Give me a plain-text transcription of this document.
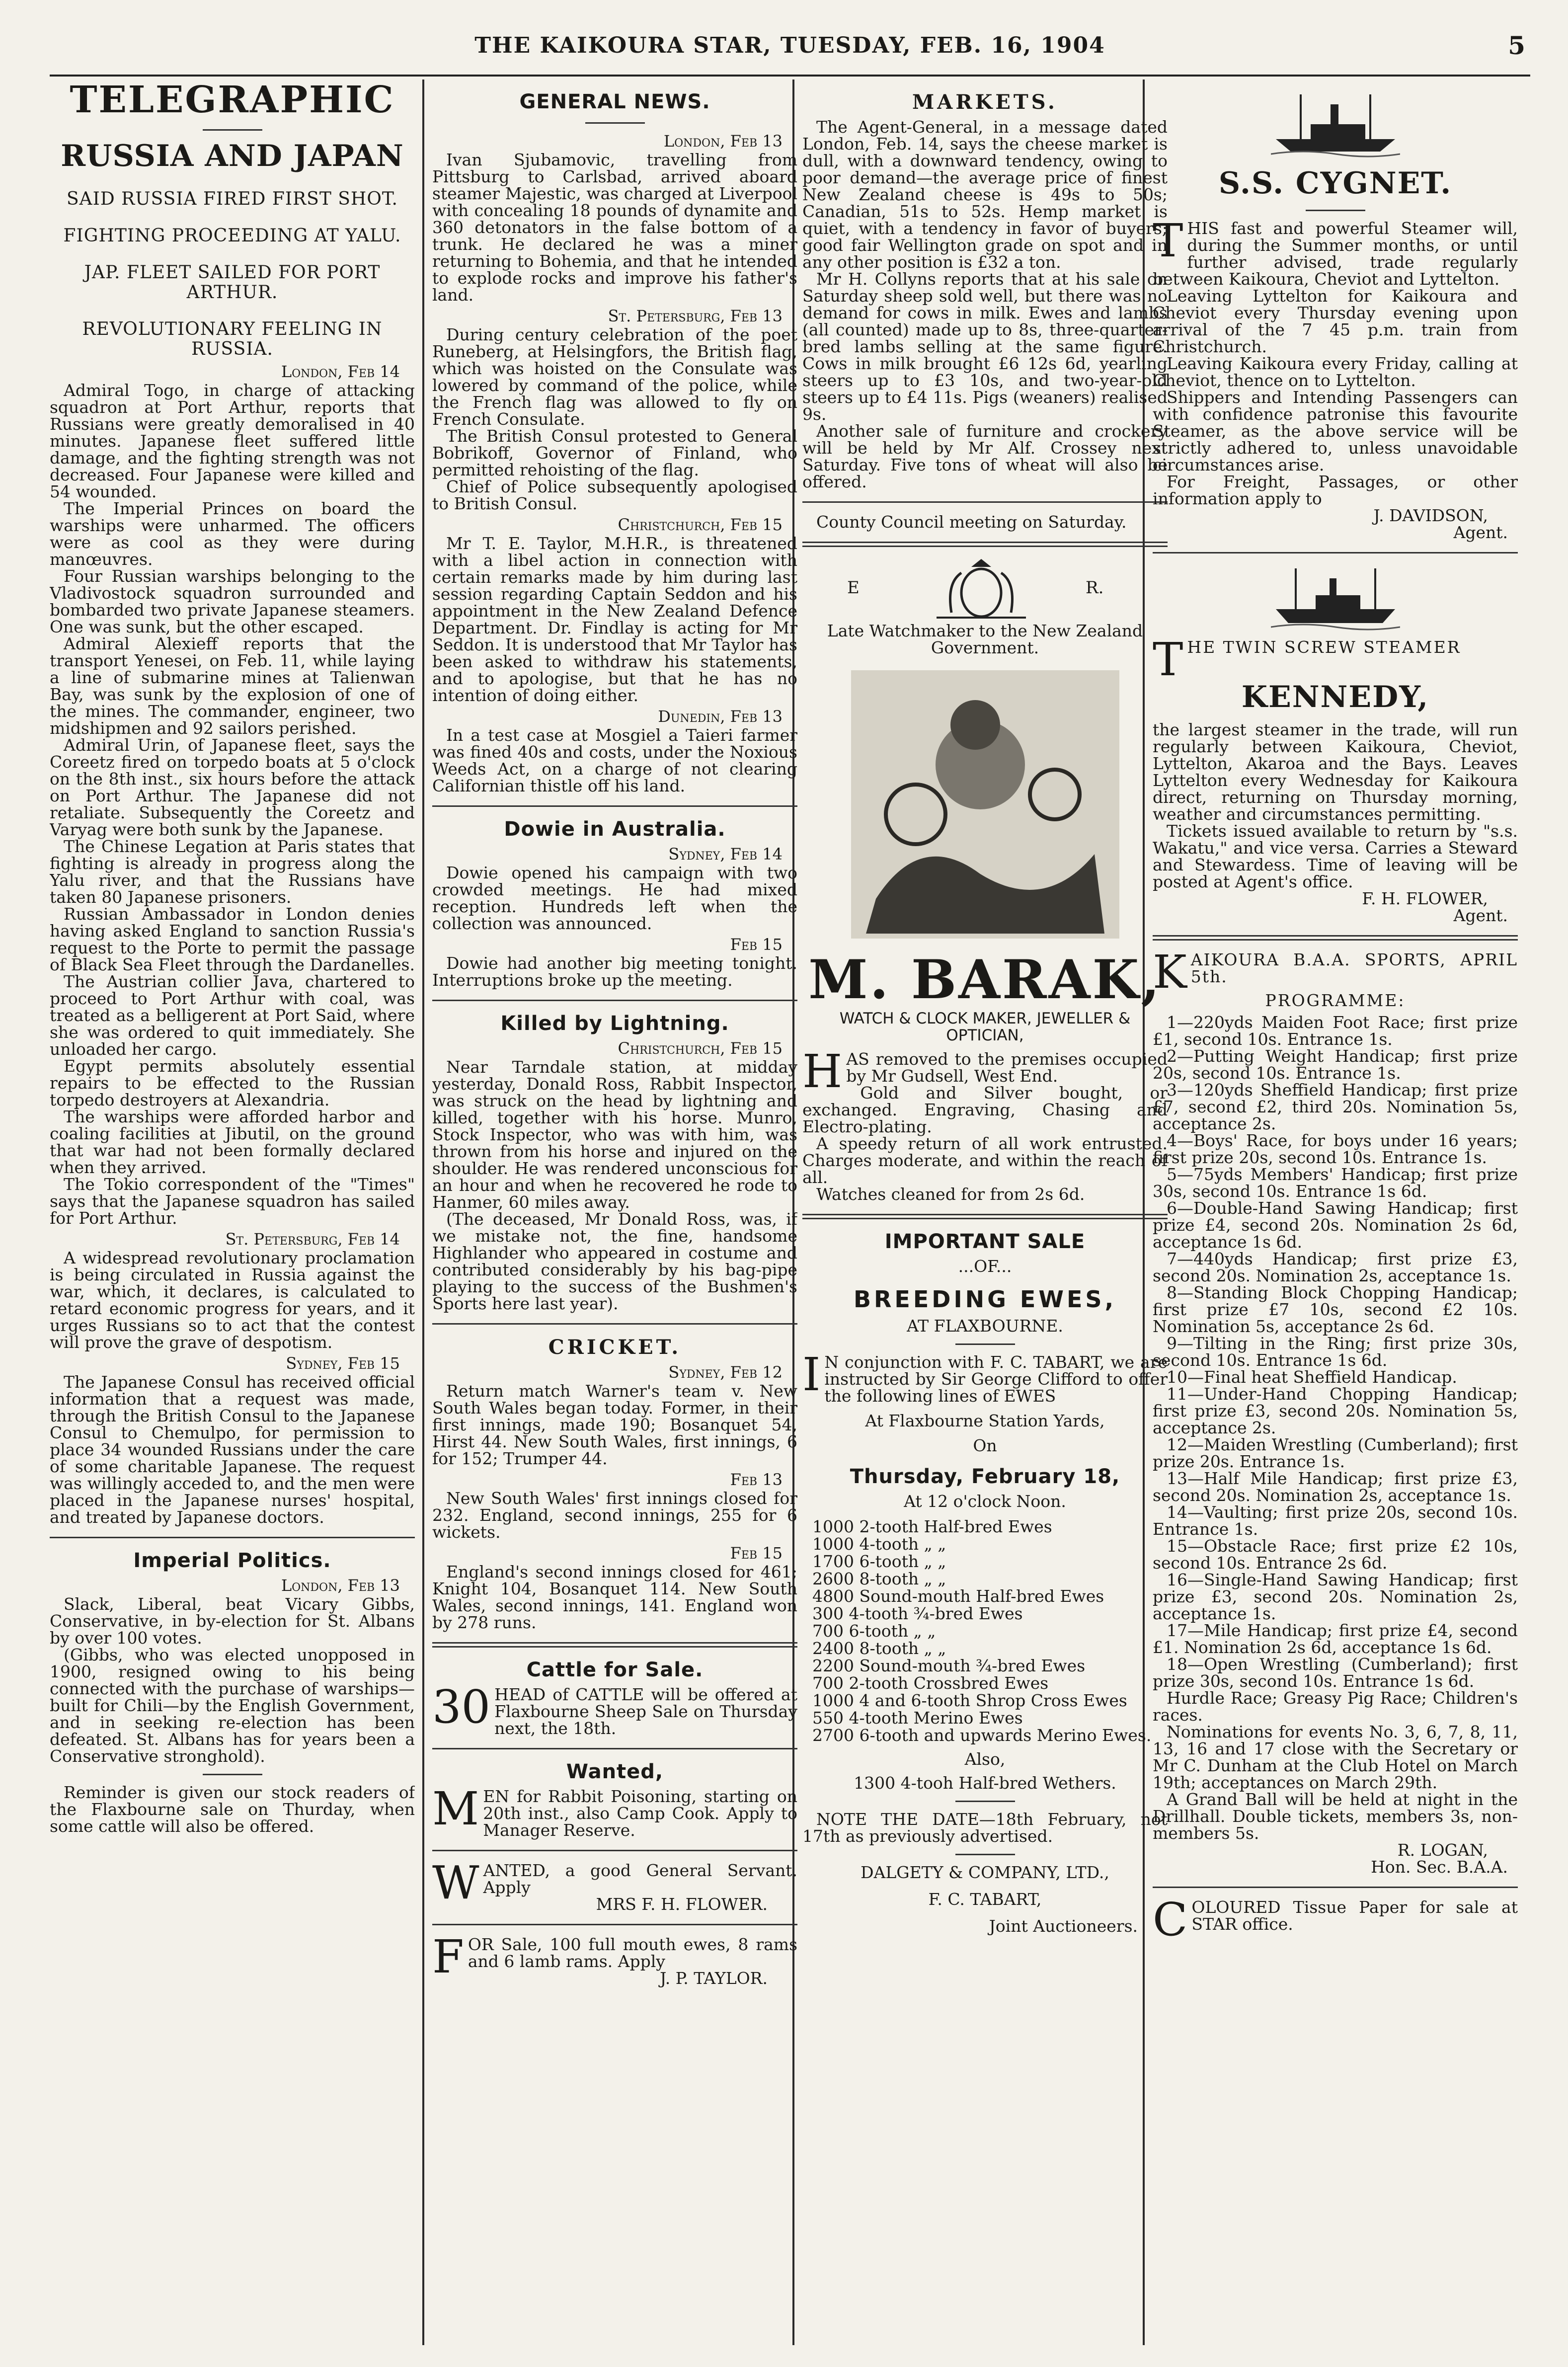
THE KAIKOURA STAR, TUESDAY, FEB. 16, 1904	5
TELEGRAPHIC
RUSSIA AND JAPAN
SAID RUSSIA FIRED FIRST SHOT.
FIGHTING PROCEEDING AT YALU.
JAP. FLEET SAILED FOR PORT ARTHUR.
REVOLUTIONARY FEELING IN RUSSIA.
London, Feb 14

Admiral Togo, in charge of attacking squadron at Port Arthur, reports that Russians were greatly demoralised in 40 minutes. Japanese fleet suffered little damage, and the fighting strength was not decreased. Four Japanese were killed and 54 wounded.

The Imperial Princes on board the warships were unharmed. The officers were as cool as they were during manœuvres.

Four Russian warships belonging to the Vladivostock squadron surrounded and bombarded two private Japanese steamers. One was sunk, but the other escaped.

Admiral Alexieff reports that the transport Yenesei, on Feb. 11, while laying a line of submarine mines at Talienwan Bay, was sunk by the explosion of one of the mines. The commander, engineer, two midshipmen and 92 sailors perished.

Admiral Urin, of Japanese fleet, says the Coreetz fired on torpedo boats at 5 o'clock on the 8th inst., six hours before the attack on Port Arthur. The Japanese did not retaliate. Subsequently the Coreetz and Varyag were both sunk by the Japanese.

The Chinese Legation at Paris states that fighting is already in progress along the Yalu river, and that the Russians have taken 80 Japanese prisoners.

Russian Ambassador in London denies having asked England to sanction Russia's request to the Porte to permit the passage of Black Sea Fleet through the Dardanelles.

The Austrian collier Java, chartered to proceed to Port Arthur with coal, was treated as a belligerent at Port Said, where she was ordered to quit immediately. She unloaded her cargo.

Egypt permits absolutely essential repairs to be effected to the Russian torpedo destroyers at Alexandria.

The warships were afforded harbor and coaling facilities at Jibutil, on the ground that war had not been formally declared when they arrived.

The Tokio correspondent of the "Times" says that the Japanese squadron has sailed for Port Arthur.

St. Petersburg, Feb 14

A widespread revolutionary proclamation is being circulated in Russia against the war, which, it declares, is calculated to retard economic progress for years, and it urges Russians so to act that the contest will prove the grave of despotism.

Sydney, Feb 15

The Japanese Consul has received official information that a request was made, through the British Consul to the Japanese Consul to Chemulpo, for permission to place 34 wounded Russians under the care of some charitable Japanese. The request was willingly acceded to, and the men were placed in the Japanese nurses' hospital, and treated by Japanese doctors.

Imperial Politics.
London, Feb 13

Slack, Liberal, beat Vicary Gibbs, Conservative, in by-election for St. Albans by over 100 votes.

(Gibbs, who was elected unopposed in 1900, resigned owing to his being connected with the purchase of warships—built for Chili—by the English Government, and in seeking re-election has been defeated. St. Albans has for years been a Conservative stronghold).

Reminder is given our stock readers of the Flaxbourne sale on Thurday, when some cattle will also be offered.

GENERAL NEWS.
London, Feb 13

Ivan Sjubamovic, travelling from Pittsburg to Carlsbad, arrived aboard steamer Majestic, was charged at Liverpool with concealing 18 pounds of dynamite and 360 detonators in the false bottom of a trunk. He declared he was a miner returning to Bohemia, and that he intended to explode rocks and improve his father's land.

St. Petersburg, Feb 13

During century celebration of the poet Runeberg, at Helsingfors, the British flag, which was hoisted on the Consulate was lowered by command of the police, while the French flag was allowed to fly on French Consulate.

The British Consul protested to General Bobrikoff, Governor of Finland, who permitted rehoisting of the flag.

Chief of Police subsequently apologised to British Consul.

Christchurch, Feb 15

Mr T. E. Taylor, M.H.R., is threatened with a libel action in connection with certain remarks made by him during last session regarding Captain Seddon and his appointment in the New Zealand Defence Department. Dr. Findlay is acting for Mr Seddon. It is understood that Mr Taylor has been asked to withdraw his statements, and to apologise, but that he has no intention of doing either.

Dunedin, Feb 13

In a test case at Mosgiel a Taieri farmer was fined 40s and costs, under the Noxious Weeds Act, on a charge of not clearing Californian thistle off his land.

Dowie in Australia.
Sydney, Feb 14

Dowie opened his campaign with two crowded meetings. He had mixed reception. Hundreds left when the collection was announced.

Feb 15

Dowie had another big meeting tonight. Interruptions broke up the meeting.

Killed by Lightning.
Christchurch, Feb 15

Near Tarndale station, at midday yesterday, Donald Ross, Rabbit Inspector, was struck on the head by lightning and killed, together with his horse. Munro, Stock Inspector, who was with him, was thrown from his horse and injured on the shoulder. He was rendered unconscious for an hour and when he recovered he rode to Hanmer, 60 miles away.

(The deceased, Mr Donald Ross, was, if we mistake not, the fine, handsome Highlander who appeared in costume and contributed considerably by his bag-pipe playing to the success of the Bushmen's Sports here last year).

CRICKET.
Sydney, Feb 12

Return match Warner's team v. New South Wales began today. Former, in their first innings, made 190; Bosanquet 54, Hirst 44. New South Wales, first innings, 6 for 152; Trumper 44.

Feb 13

New South Wales' first innings closed for 232. England, second innings, 255 for 6 wickets.

Feb 15

England's second innings closed for 461; Knight 104, Bosanquet 114. New South Wales, second innings, 141. England won by 278 runs.

Cattle for Sale.

30 HEAD of CATTLE will be offered at Flaxbourne Sheep Sale on Thursday next, the 18th.

Wanted,

MEN for Rabbit Poisoning, starting on 20th inst., also Camp Cook. Apply to Manager Reserve.

WANTED, a good General Servant. Apply

MRS F. H. FLOWER.

FOR Sale, 100 full mouth ewes, 8 rams and 6 lamb rams. Apply

J. P. TAYLOR.

MARKETS.

The Agent-General, in a message dated London, Feb. 14, says the cheese market is dull, with a downward tendency, owing to poor demand—the average price of finest New Zealand cheese is 49s to 50s; Canadian, 51s to 52s. Hemp market is quiet, with a tendency in favor of buyers; good fair Wellington grade on spot and in any other position is £32 a ton.

Mr H. Collyns reports that at his sale on Saturday sheep sold well, but there was no demand for cows in milk. Ewes and lambs (all counted) made up to 8s, three-quarter-bred lambs selling at the same figure. Cows in milk brought £6 12s 6d, yearling steers up to £3 10s, and two-year-old steers up to £4 11s. Pigs (weaners) realised 9s.

Another sale of furniture and crockery will be held by Mr Alf. Crossey next Saturday. Five tons of wheat will also be offered.

County Council meeting on Saturday.

E	R.

Late Watchmaker to the New Zealand Government.

M. BARAK,

WATCH & CLOCK MAKER, JEWELLER & OPTICIAN,

HAS removed to the premises occupied by Mr Gudsell, West End.

Gold and Silver bought, or exchanged. Engraving, Chasing and Electro-plating.

A speedy return of all work entrusted. Charges moderate, and within the reach of all.

Watches cleaned for from 2s 6d.

IMPORTANT SALE

...OF...

BREEDING EWES,

AT FLAXBOURNE.

I N conjunction with F. C. TABART, we are instructed by Sir George Clifford to offer the following lines of EWES

At Flaxbourne Station Yards,

On

Thursday, February 18,

At 12 o'clock Noon.

1000 2-tooth Half-bred Ewes

1000 4-tooth „ „

1700 6-tooth „ „

2600 8-tooth „ „

4800 Sound-mouth Half-bred Ewes

300 4-tooth ¾-bred Ewes

700 6-tooth „ „

2400 8-tooth „ „

2200 Sound-mouth ¾-bred Ewes

700 2-tooth Crossbred Ewes

1000 4 and 6-tooth Shrop Cross Ewes

550 4-tooth Merino Ewes

2700 6-tooth and upwards Merino Ewes.

Also,

1300 4-tooh Half-bred Wethers.

NOTE THE DATE—18th February, not 17th as previously advertised.

DALGETY & COMPANY, LTD.,

F. C. TABART,

Joint Auctioneers.

S.S. CYGNET.

THIS fast and powerful Steamer will, during the Summer months, or until further advised, trade regularly between Kaikoura, Cheviot and Lyttelton.

Leaving Lyttelton for Kaikoura and Cheviot every Thursday evening upon arrival of the 7 45 p.m. train from Christchurch.

Leaving Kaikoura every Friday, calling at Cheviot, thence on to Lyttelton.

Shippers and Intending Passengers can with confidence patronise this favourite Steamer, as the above service will be strictly adhered to, unless unavoidable circumstances arise.

For Freight, Passages, or other information apply to

J. DAVIDSON,

Agent.

THE TWIN SCREW STEAMER

KENNEDY,

the largest steamer in the trade, will run regularly between Kaikoura, Cheviot, Lyttelton, Akaroa and the Bays. Leaves Lyttelton every Wednesday for Kaikoura direct, returning on Thursday morning, weather and circumstances permitting.

Tickets issued available to return by "s.s. Wakatu," and vice versa. Carries a Steward and Stewardess. Time of leaving will be posted at Agent's office.

F. H. FLOWER,

Agent.

KAIKOURA B.A.A. SPORTS, APRIL 5th.

PROGRAMME:

1—220yds Maiden Foot Race; first prize £1, second 10s. Entrance 1s.

2—Putting Weight Handicap; first prize 20s, second 10s. Entrance 1s.

3—120yds Sheffield Handicap; first prize £7, second £2, third 20s. Nomination 5s, acceptance 2s.

4—Boys' Race, for boys under 16 years; first prize 20s, second 10s. Entrance 1s.

5—75yds Members' Handicap; first prize 30s, second 10s. Entrance 1s 6d.

6—Double-Hand Sawing Handicap; first prize £4, second 20s. Nomination 2s 6d, acceptance 1s 6d.

7—440yds Handicap; first prize £3, second 20s. Nomination 2s, acceptance 1s.

8—Standing Block Chopping Handicap; first prize £7 10s, second £2 10s. Nomination 5s, acceptance 2s 6d.

9—Tilting in the Ring; first prize 30s, second 10s. Entrance 1s 6d.

10—Final heat Sheffield Handicap.

11—Under-Hand Chopping Handicap; first prize £3, second 20s. Nomination 5s, acceptance 2s.

12—Maiden Wrestling (Cumberland); first prize 20s. Entrance 1s.

13—Half Mile Handicap; first prize £3, second 20s. Nomination 2s, acceptance 1s.

14—Vaulting; first prize 20s, second 10s. Entrance 1s.

15—Obstacle Race; first prize £2 10s, second 10s. Entrance 2s 6d.

16—Single-Hand Sawing Handicap; first prize £3, second 20s. Nomination 2s, acceptance 1s.

17—Mile Handicap; first prize £4, second £1. Nomination 2s 6d, acceptance 1s 6d.

18—Open Wrestling (Cumberland); first prize 30s, second 10s. Entrance 1s 6d.

Hurdle Race; Greasy Pig Race; Children's races.

Nominations for events No. 3, 6, 7, 8, 11, 13, 16 and 17 close with the Secretary or Mr C. Dunham at the Club Hotel on March 19th; acceptances on March 29th.

A Grand Ball will be held at night in the Drillhall. Double tickets, members 3s, non-members 5s.

R. LOGAN,

Hon. Sec. B.A.A.

COLOURED Tissue Paper for sale at STAR office.
